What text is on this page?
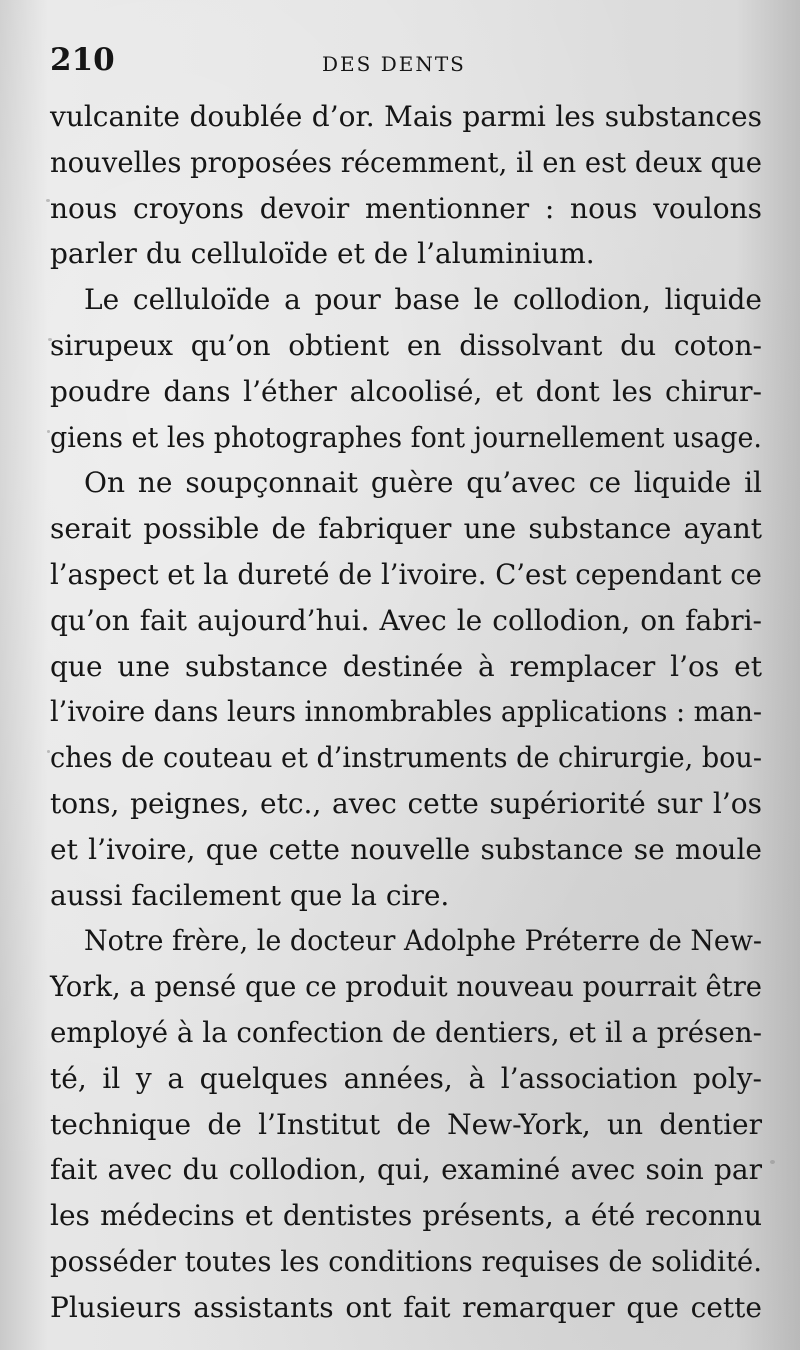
210	DES DENTS
vulcanite doublée d’or. Mais parmi les substances
nouvelles proposées récemment, il en est deux que
nous croyons devoir mentionner : nous voulons
parler du celluloïde et de l’aluminium.
Le celluloïde a pour base le collodion, liquide
sirupeux qu’on obtient en dissolvant du coton-
poudre dans l’éther alcoolisé, et dont les chirur-
giens et les photographes font journellement usage.
On ne soupçonnait guère qu’avec ce liquide il
serait possible de fabriquer une substance ayant
l’aspect et la dureté de l’ivoire. C’est cependant ce
qu’on fait aujourd’hui. Avec le collodion, on fabri-
que une substance destinée à remplacer l’os et
l’ivoire dans leurs innombrables applications : man-
ches de couteau et d’instruments de chirurgie, bou-
tons, peignes, etc., avec cette supériorité sur l’os
et l’ivoire, que cette nouvelle substance se moule
aussi facilement que la cire.
Notre frère, le docteur Adolphe Préterre de New-
York, a pensé que ce produit nouveau pourrait être
employé à la confection de dentiers, et il a présen-
té, il y a quelques années, à l’association poly-
technique de l’Institut de New-York, un dentier
fait avec du collodion, qui, examiné avec soin par
les médecins et dentistes présents, a été reconnu
posséder toutes les conditions requises de solidité.
Plusieurs assistants ont fait remarquer que cette
